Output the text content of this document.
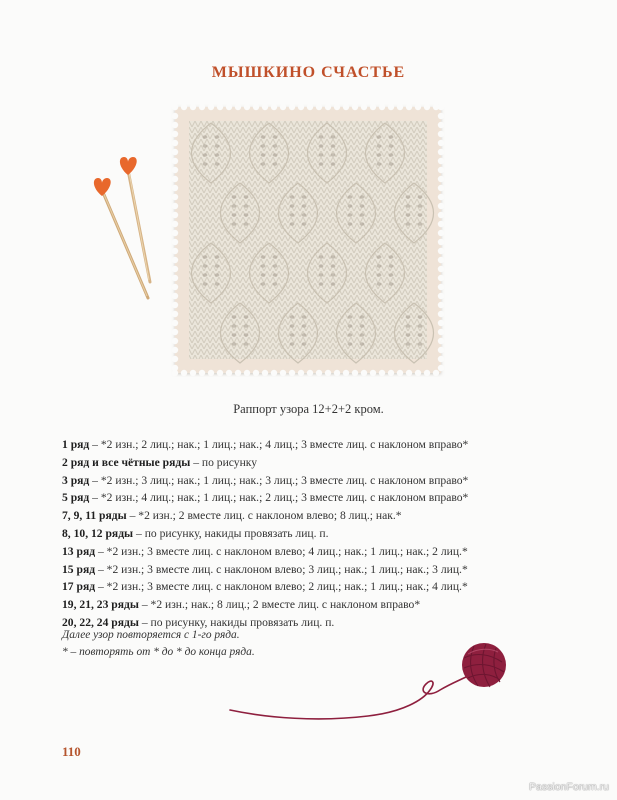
МЫШКИНО СЧАСТЬЕ
Раппорт узора 12+2+2 кром.
1 ряд – *2 изн.; 2 лиц.; нак.; 1 лиц.; нак.; 4 лиц.; 3 вместе лиц. с наклоном вправо*
2 ряд и все чётные ряды – по рисунку
3 ряд – *2 изн.; 3 лиц.; нак.; 1 лиц.; нак.; 3 лиц.; 3 вместе лиц. с наклоном вправо*
5 ряд – *2 изн.; 4 лиц.; нак.; 1 лиц.; нак.; 2 лиц.; 3 вместе лиц. с наклоном вправо*
7, 9, 11 ряды – *2 изн.; 2 вместе лиц. с наклоном влево; 8 лиц.; нак.*
8, 10, 12 ряды – по рисунку, накиды провязать лиц. п.
13 ряд – *2 изн.; 3 вместе лиц. с наклоном влево; 4 лиц.; нак.; 1 лиц.; нак.; 2 лиц.*
15 ряд – *2 изн.; 3 вместе лиц. с наклоном влево; 3 лиц.; нак.; 1 лиц.; нак.; 3 лиц.*
17 ряд – *2 изн.; 3 вместе лиц. с наклоном влево; 2 лиц.; нак.; 1 лиц.; нак.; 4 лиц.*
19, 21, 23 ряды – *2 изн.; нак.; 8 лиц.; 2 вместе лиц. с наклоном вправо*
20, 22, 24 ряды – по рисунку, накиды провязать лиц. п.
Далее узор повторяется с 1-го ряда.
* – повторять от * до * до конца ряда.
110
PassionForum.ru
